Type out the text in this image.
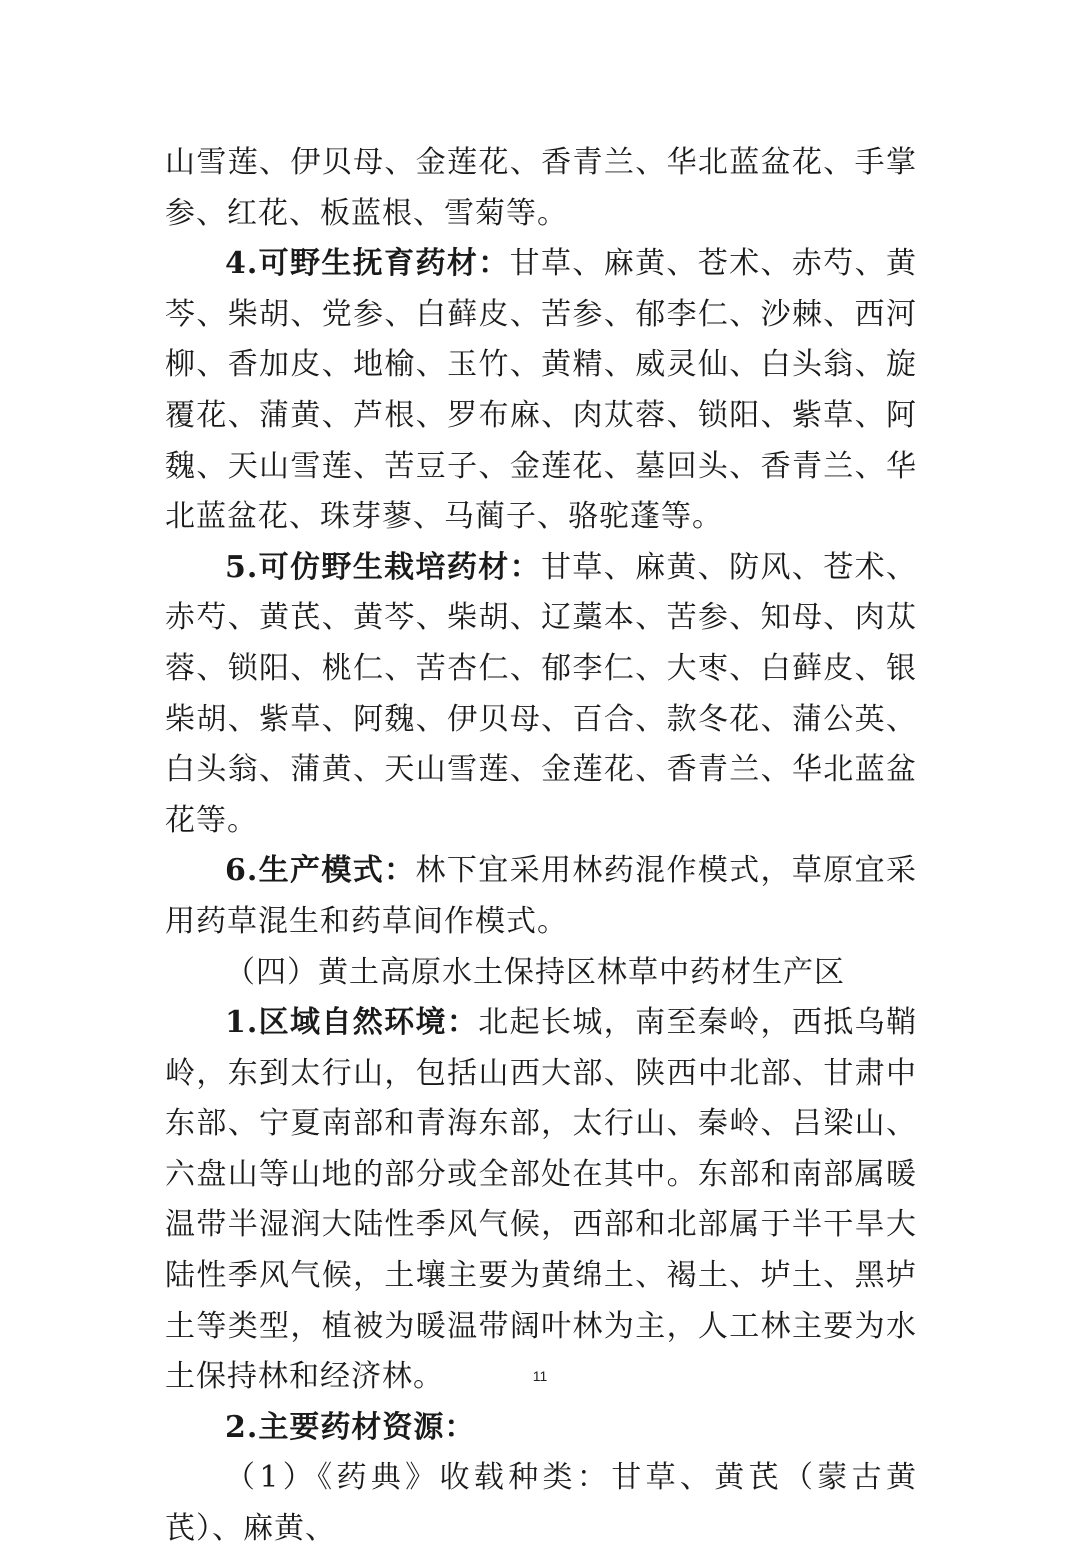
山雪莲、伊贝母、金莲花、香青兰、华北蓝盆花、手掌参、红花、板蓝根、雪菊等。

4.可野生抚育药材：甘草、麻黄、苍术、赤芍、黄芩、柴胡、党参、白藓皮、苦参、郁李仁、沙棘、西河柳、香加皮、地榆、玉竹、黄精、威灵仙、白头翁、旋覆花、蒲黄、芦根、罗布麻、肉苁蓉、锁阳、紫草、阿魏、天山雪莲、苦豆子、金莲花、墓回头、香青兰、华北蓝盆花、珠芽蓼、马蔺子、骆驼蓬等。

5.可仿野生栽培药材：甘草、麻黄、防风、苍术、赤芍、黄芪、黄芩、柴胡、辽藁本、苦参、知母、肉苁蓉、锁阳、桃仁、苦杏仁、郁李仁、大枣、白藓皮、银柴胡、紫草、阿魏、伊贝母、百合、款冬花、蒲公英、白头翁、蒲黄、天山雪莲、金莲花、香青兰、华北蓝盆花等。

6.生产模式：林下宜采用林药混作模式，草原宜采用药草混生和药草间作模式。

（四）黄土高原水土保持区林草中药材生产区

1.区域自然环境：北起长城，南至秦岭，西抵乌鞘岭，东到太行山，包括山西大部、陕西中北部、甘肃中东部、宁夏南部和青海东部，太行山、秦岭、吕梁山、六盘山等山地的部分或全部处在其中。东部和南部属暖温带半湿润大陆性季风气候，西部和北部属于半干旱大陆性季风气候，土壤主要为黄绵土、褐土、垆土、黑垆土等类型，植被为暖温带阔叶林为主，人工林主要为水土保持林和经济林。

2.主要药材资源：

（1）《药典》收载种类：甘草、黄芪（蒙古黄芪）、麻黄、

11
